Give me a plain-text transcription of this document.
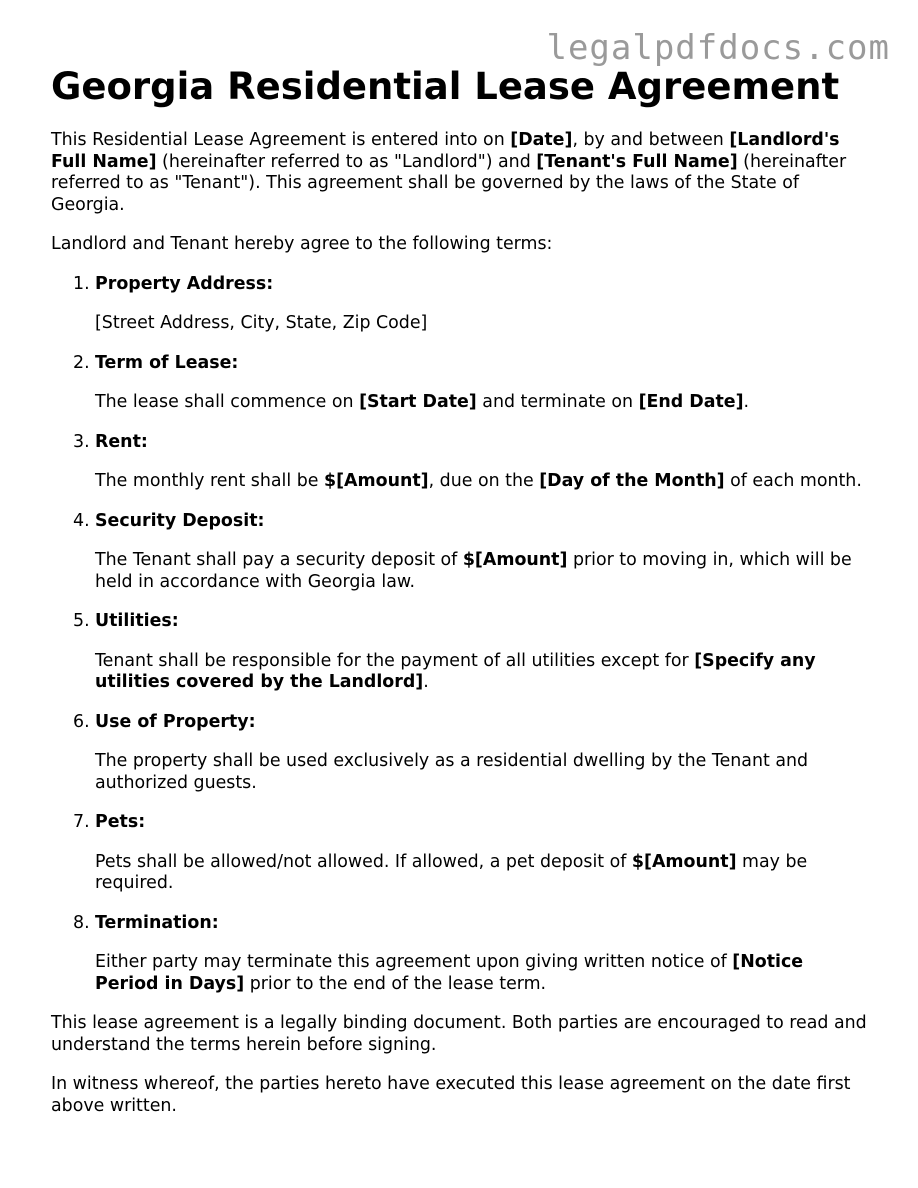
legalpdfdocs.com
Georgia Residential Lease Agreement

This Residential Lease Agreement is entered into on [Date], by and between [Landlord's Full Name] (hereinafter referred to as "Landlord") and [Tenant's Full Name] (hereinafter referred to as "Tenant"). This agreement shall be governed by the laws of the State of Georgia.

Landlord and Tenant hereby agree to the following terms:

1. Property Address:

[Street Address, City, State, Zip Code]

2. Term of Lease:

The lease shall commence on [Start Date] and terminate on [End Date].

3. Rent:

The monthly rent shall be $[Amount], due on the [Day of the Month] of each month.

4. Security Deposit:

The Tenant shall pay a security deposit of $[Amount] prior to moving in, which will be held in accordance with Georgia law.

5. Utilities:

Tenant shall be responsible for the payment of all utilities except for [Specify any utilities covered by the Landlord].

6. Use of Property:

The property shall be used exclusively as a residential dwelling by the Tenant and authorized guests.

7. Pets:

Pets shall be allowed/not allowed. If allowed, a pet deposit of $[Amount] may be required.

8. Termination:

Either party may terminate this agreement upon giving written notice of [Notice Period in Days] prior to the end of the lease term.

This lease agreement is a legally binding document. Both parties are encouraged to read and understand the terms herein before signing.

In witness whereof, the parties hereto have executed this lease agreement on the date first above written.
